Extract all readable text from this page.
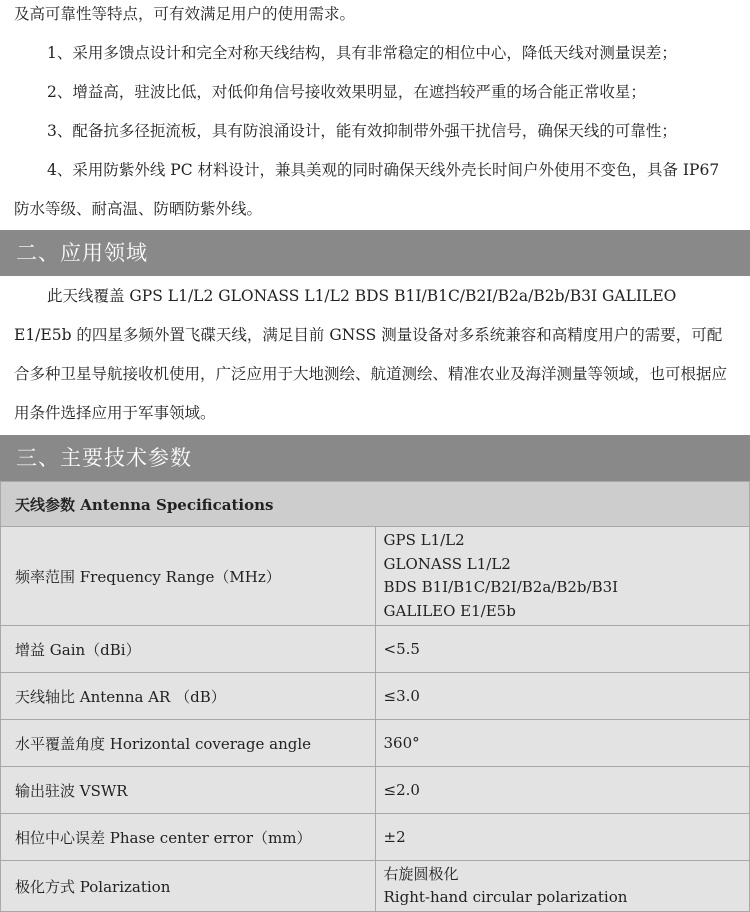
及高可靠性等特点，可有效满足用户的使用需求。

1、采用多馈点设计和完全对称天线结构，具有非常稳定的相位中心，降低天线对测量误差；

2、增益高，驻波比低，对低仰角信号接收效果明显，在遮挡较严重的场合能正常收星；

3、配备抗多径扼流板，具有防浪涌设计，能有效抑制带外强干扰信号，确保天线的可靠性；

4、采用防紫外线 PC 材料设计，兼具美观的同时确保天线外壳长时间户外使用不变色，具备 IP67 防水等级、耐高温、防晒防紫外线。

二、应用领域

此天线覆盖 GPS L1/L2 GLONASS L1/L2 BDS B1I/B1C/B2I/B2a/B2b/B3I GALILEO E1/E5b 的四星多频外置飞碟天线，满足目前 GNSS 测量设备对多系统兼容和高精度用户的需要，可配合多种卫星导航接收机使用，广泛应用于大地测绘、航道测绘、精准农业及海洋测量等领域，也可根据应用条件选择应用于军事领域。

三、主要技术参数
天线参数 Antenna Specifications	
频率范围 Frequency Range（MHz）	GPS L1/L2
GLONASS L1/L2
BDS B1I/B1C/B2I/B2a/B2b/B3I
GALILEO E1/E5b

增益 Gain（dBi）	<5.5
天线轴比 Antenna AR （dB）	≤3.0
水平覆盖角度 Horizontal coverage angle	360°
输出驻波 VSWR	≤2.0
相位中心误差 Phase center error（mm）	±2
极化方式 Polarization	右旋圆极化
Right-hand circular polarization
